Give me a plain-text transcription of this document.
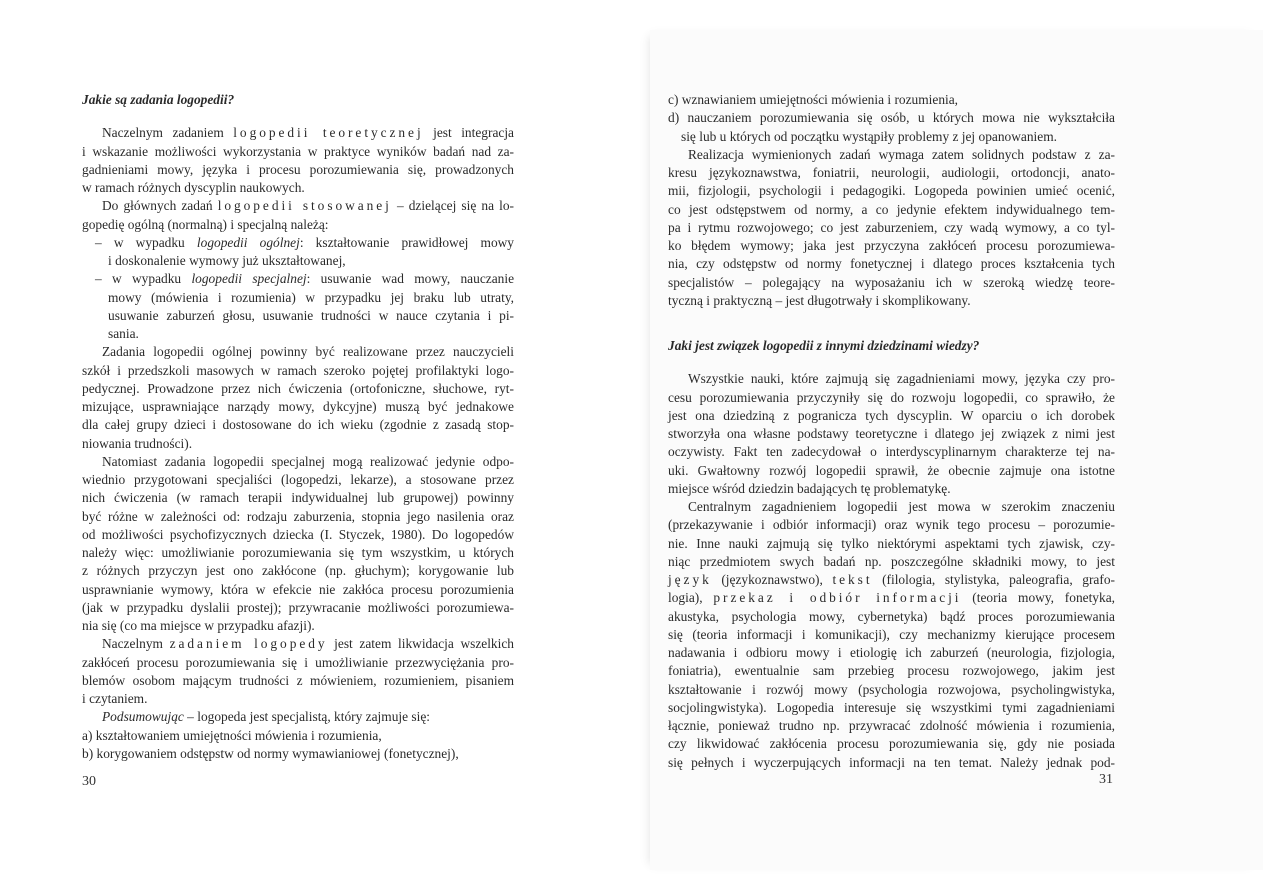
Jakie są zadania logopedii?
Naczelnym zadaniem logopedii teoretycznej jest integracja
i wskazanie możliwości wykorzystania w praktyce wyników badań nad za-
gadnieniami mowy, języka i procesu porozumiewania się, prowadzonych
w ramach różnych dyscyplin naukowych.
Do głównych zadań logopedii stosowanej – dzielącej się na lo-
gopedię ogólną (normalną) i specjalną należą:
– w wypadku logopedii ogólnej: kształtowanie prawidłowej mowy
i doskonalenie wymowy już ukształtowanej,
– w wypadku logopedii specjalnej: usuwanie wad mowy, nauczanie
mowy (mówienia i rozumienia) w przypadku jej braku lub utraty,
usuwanie zaburzeń głosu, usuwanie trudności w nauce czytania i pi-
sania.
Zadania logopedii ogólnej powinny być realizowane przez nauczycieli
szkół i przedszkoli masowych w ramach szeroko pojętej profilaktyki logo-
pedycznej. Prowadzone przez nich ćwiczenia (ortofoniczne, słuchowe, ryt-
mizujące, usprawniające narządy mowy, dykcyjne) muszą być jednakowe
dla całej grupy dzieci i dostosowane do ich wieku (zgodnie z zasadą stop-
niowania trudności).
Natomiast zadania logopedii specjalnej mogą realizować jedynie odpo-
wiednio przygotowani specjaliści (logopedzi, lekarze), a stosowane przez
nich ćwiczenia (w ramach terapii indywidualnej lub grupowej) powinny
być różne w zależności od: rodzaju zaburzenia, stopnia jego nasilenia oraz
od możliwości psychofizycznych dziecka (I. Styczek, 1980). Do logopedów
należy więc: umożliwianie porozumiewania się tym wszystkim, u których
z różnych przyczyn jest ono zakłócone (np. głuchym); korygowanie lub
usprawnianie wymowy, która w efekcie nie zakłóca procesu porozumienia
(jak w przypadku dyslalii prostej); przywracanie możliwości porozumiewa-
nia się (co ma miejsce w przypadku afazji).
Naczelnym zadaniem logopedy jest zatem likwidacja wszelkich
zakłóceń procesu porozumiewania się i umożliwianie przezwyciężania pro-
blemów osobom mającym trudności z mówieniem, rozumieniem, pisaniem
i czytaniem.
Podsumowując – logopeda jest specjalistą, który zajmuje się:
a) kształtowaniem umiejętności mówienia i rozumienia,
b) korygowaniem odstępstw od normy wymawianiowej (fonetycznej),
c) wznawianiem umiejętności mówienia i rozumienia,
d) nauczaniem porozumiewania się osób, u których mowa nie wykształciła
się lub u których od początku wystąpiły problemy z jej opanowaniem.
Realizacja wymienionych zadań wymaga zatem solidnych podstaw z za-
kresu językoznawstwa, foniatrii, neurologii, audiologii, ortodoncji, anato-
mii, fizjologii, psychologii i pedagogiki. Logopeda powinien umieć ocenić,
co jest odstępstwem od normy, a co jedynie efektem indywidualnego tem-
pa i rytmu rozwojowego; co jest zaburzeniem, czy wadą wymowy, a co tyl-
ko błędem wymowy; jaka jest przyczyna zakłóceń procesu porozumiewa-
nia, czy odstępstw od normy fonetycznej i dlatego proces kształcenia tych
specjalistów – polegający na wyposażaniu ich w szeroką wiedzę teore-
tyczną i praktyczną – jest długotrwały i skomplikowany.
Jaki jest związek logopedii z innymi dziedzinami wiedzy?
Wszystkie nauki, które zajmują się zagadnieniami mowy, języka czy pro-
cesu porozumiewania przyczyniły się do rozwoju logopedii, co sprawiło, że
jest ona dziedziną z pogranicza tych dyscyplin. W oparciu o ich dorobek
stworzyła ona własne podstawy teoretyczne i dlatego jej związek z nimi jest
oczywisty. Fakt ten zadecydował o interdyscyplinarnym charakterze tej na-
uki. Gwałtowny rozwój logopedii sprawił, że obecnie zajmuje ona istotne
miejsce wśród dziedzin badających tę problematykę.
Centralnym zagadnieniem logopedii jest mowa w szerokim znaczeniu
(przekazywanie i odbiór informacji) oraz wynik tego procesu – porozumie-
nie. Inne nauki zajmują się tylko niektórymi aspektami tych zjawisk, czy-
niąc przedmiotem swych badań np. poszczególne składniki mowy, to jest
język (językoznawstwo), tekst (filologia, stylistyka, paleografia, grafo-
logia), przekaz i odbiór informacji (teoria mowy, fonetyka,
akustyka, psychologia mowy, cybernetyka) bądź proces porozumiewania
się (teoria informacji i komunikacji), czy mechanizmy kierujące procesem
nadawania i odbioru mowy i etiologię ich zaburzeń (neurologia, fizjologia,
foniatria), ewentualnie sam przebieg procesu rozwojowego, jakim jest
kształtowanie i rozwój mowy (psychologia rozwojowa, psycholingwistyka,
socjolingwistyka). Logopedia interesuje się wszystkimi tymi zagadnieniami
łącznie, ponieważ trudno np. przywracać zdolność mówienia i rozumienia,
czy likwidować zakłócenia procesu porozumiewania się, gdy nie posiada
się pełnych i wyczerpujących informacji na ten temat. Należy jednak pod-
30	31
